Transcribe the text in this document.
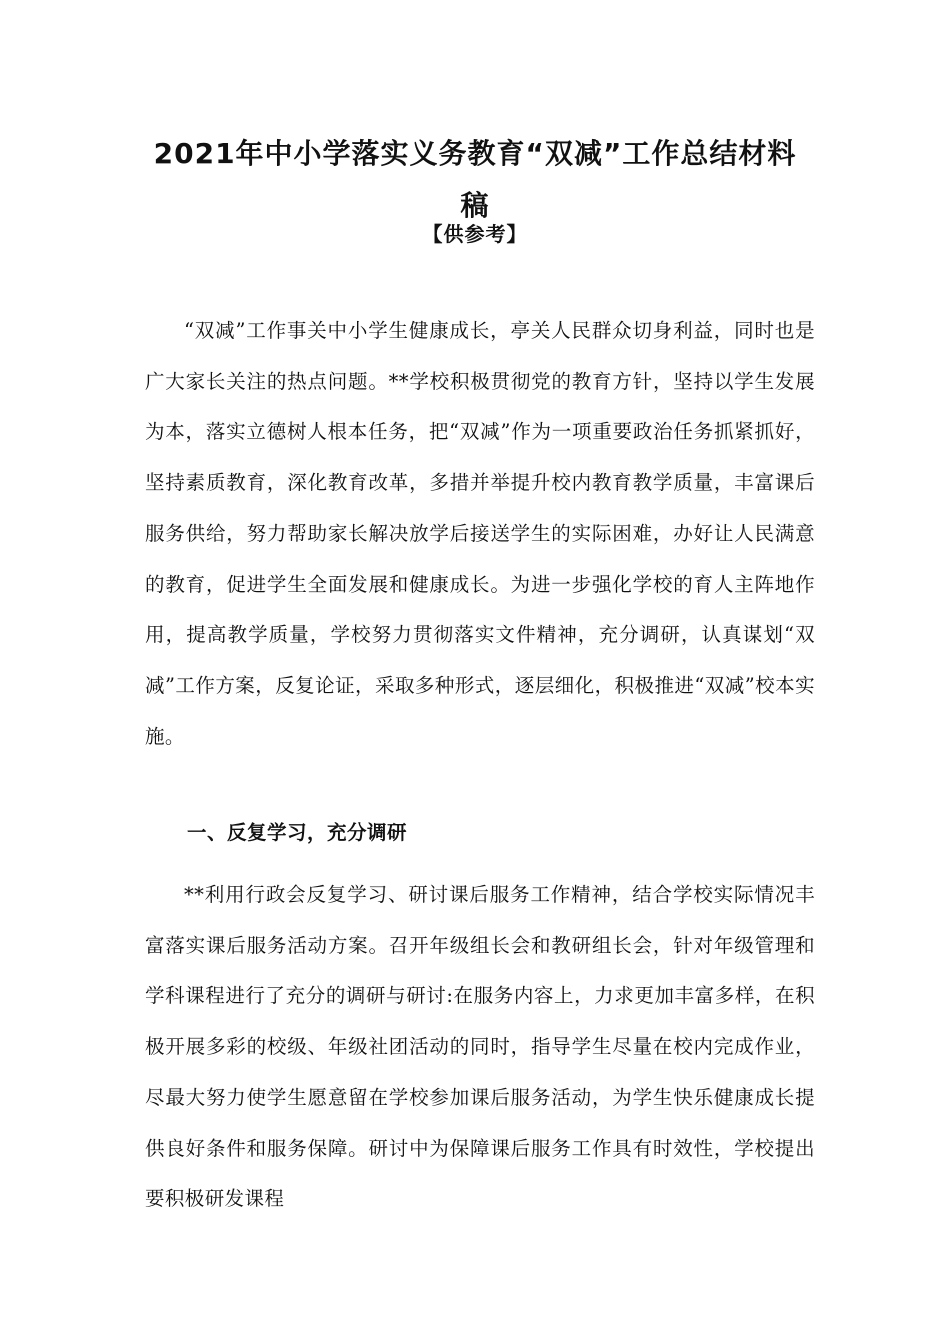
2021年中小学落实义务教育“双减”工作总结材料稿

【供参考】

“双减”工作事关中小学生健康成长，亭关人民群众切身利益，同时也是广大家长关注的热点问题。**学校积极贯彻党的教育方针，坚持以学生发展为本，落实立德树人根本任务，把“双减”作为一项重要政治任务抓紧抓好，坚持素质教育，深化教育改革，多措并举提升校内教育教学质量，丰富课后服务供给，努力帮助家长解决放学后接送学生的实际困难，办好让人民满意的教育，促进学生全面发展和健康成长。为进一步强化学校的育人主阵地作用，提高教学质量，学校努力贯彻落实文件精神，充分调研，认真谋划“双减”工作方案，反复论证，采取多种形式，逐层细化，积极推进“双减”校本实施。

一、反复学习，充分调研

**利用行政会反复学习、研讨课后服务工作精神，结合学校实际情况丰富落实课后服务活动方案。召开年级组长会和教研组长会，针对年级管理和学科课程进行了充分的调研与研讨:在服务内容上，力求更加丰富多样，在积极开展多彩的校级、年级社团活动的同时，指导学生尽量在校内完成作业，尽最大努力使学生愿意留在学校参加课后服务活动，为学生快乐健康成长提供良好条件和服务保障。研讨中为保障课后服务工作具有时效性，学校提出要积极研发课程
